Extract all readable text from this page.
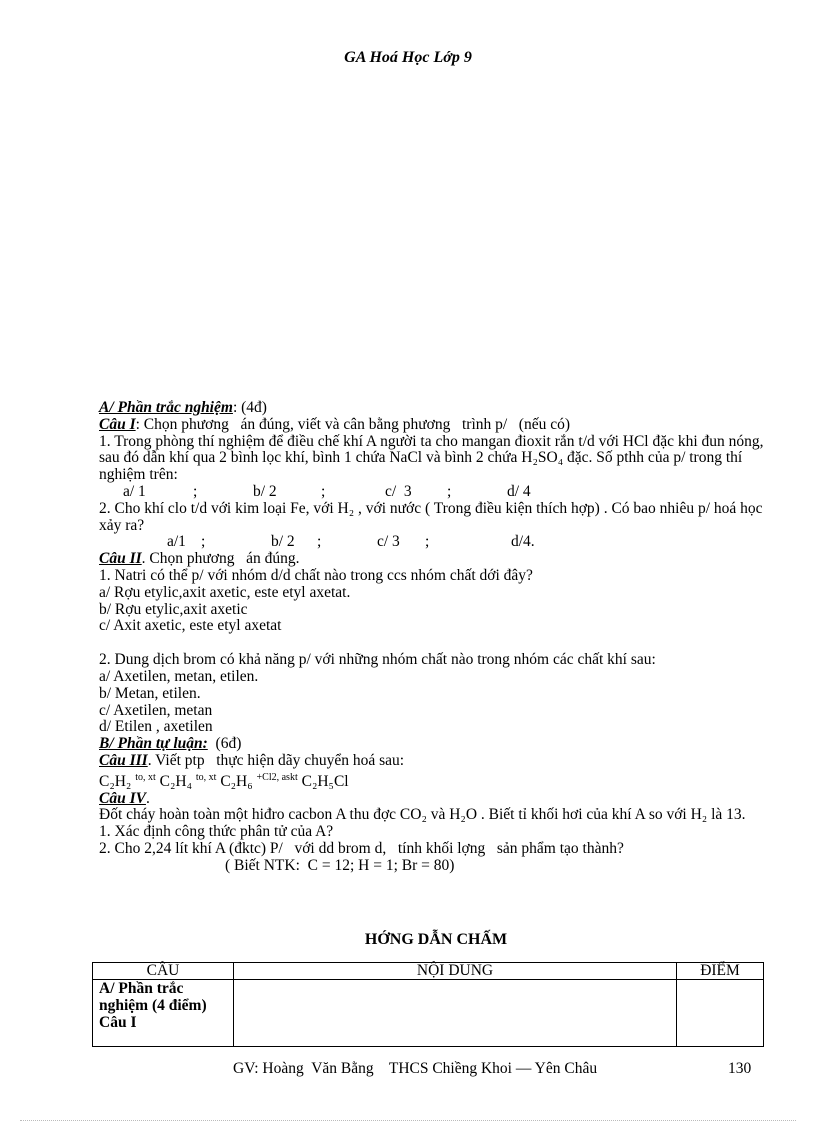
GA Hoá Học Lớp 9
A/ Phần trắc nghiệm: (4đ)
Câu I: Chọn phương   án đúng, viết và cân bằng phương   trình p/   (nếu có)
1. Trong phòng thí nghiệm để điều chế khí A người ta cho mangan đioxit rắn t/d với HCl đặc khi đun nóng, sau đó dẫn khí qua 2 bình lọc khí, bình 1 chứa NaCl và bình 2 chứa H₂SO₄ đặc. Số pthh của p/ trong thí nghiệm trên:
a/ 1	;	b/ 2	;	c/  3 ;	d/ 4
2. Cho khí clo t/d với kim loại Fe, với H₂ , với nước ( Trong điều kiện thích hợp) . Có bao nhiêu p/ hoá học xảy ra?
a/1 ;	b/ 2 ;	c/ 3 ;	d/4.
Câu II. Chọn phương   án đúng.
1. Natri có thể p/ với nhóm d/d chất nào trong ccs nhóm chất dới đây?
a/ Rợu etylic,axit axetic, este etyl axetat.
b/ Rợu etylic,axit axetic
c/ Axit axetic, este etyl axetat
2. Dung dịch brom có khả năng p/ với những nhóm chất nào trong nhóm các chất khí sau:
a/ Axetilen, metan, etilen.
b/ Metan, etilen.
c/ Axetilen, metan
d/ Etilen , axetilen
B/ Phần tự luận:  (6đ)
Câu III. Viết ptp   thực hiện dãy chuyển hoá sau:
C₂H₂ $^{to, xt}$ C₂H₄ $^{to, xt}$ C₂H₆ $^{+Cl2, askt}$ C₂H₅Cl
Câu IV.
Đốt cháy hoàn toàn một hiđro cacbon A thu đợc CO₂ và H₂O . Biết tỉ khối hơi của khí A so với H₂ là 13.
1. Xác định công thức phân tử của A?
2. Cho 2,24 lít khí A (đktc) P/   với dd brom d,   tính khối lợng   sản phẩm tạo thành?
( Biết NTK:  C = 12; H = 1; Br = 80)
HỚNG DẪN CHẤM
CÂU	NỘI DUNG	ĐIỂM

A/ Phần trắc nghiệm (4 điểm)
Câu I		

GV: Hoàng  Văn Bằng    THCS Chiềng Khoi — Yên Châu	130
